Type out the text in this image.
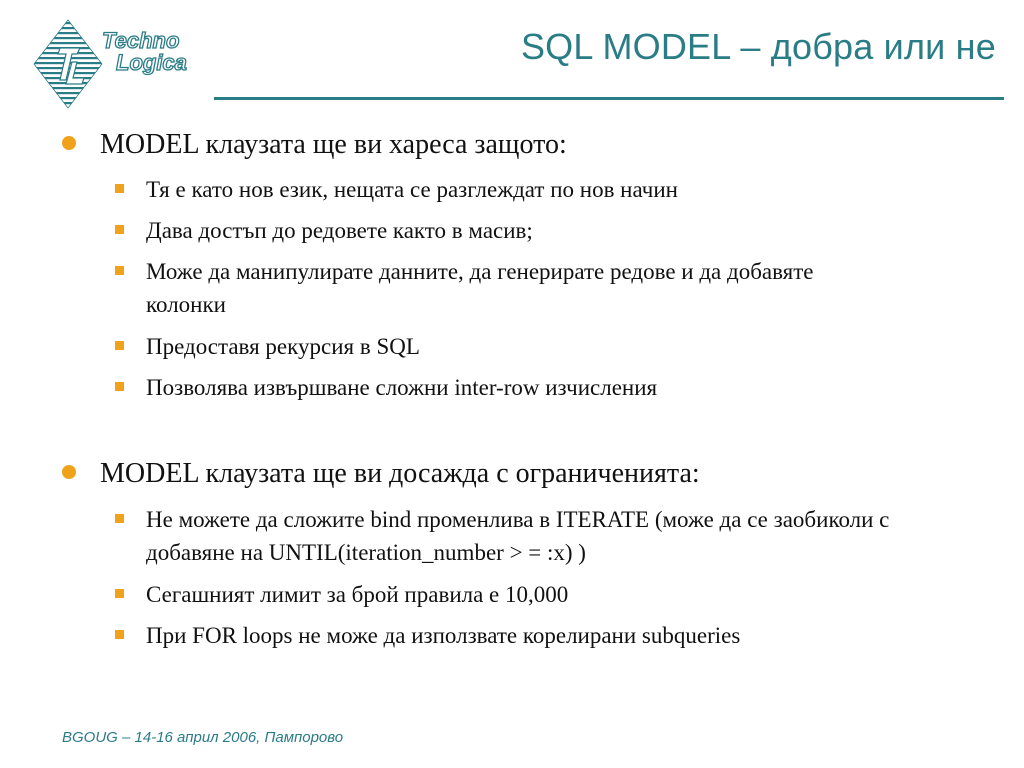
Techno
Logica	SQL MODEL – добра или не
MODEL клаузата ще ви хареса защото:
Тя е като нов език, нещата се разглеждат по нов начин
Дава достъп до редовете както в масив;
Може да манипулирате данните, да генерирате редове и да добавяте колонки
Предоставя рекурсия в SQL
Позволява извършване сложни inter-row изчисления
MODEL клаузата ще ви досажда с ограниченията:
Не можете да сложите bind променлива в ITERATE (може да се заобиколи с добавяне на UNTIL(iteration_number > = :x) )
Сегашният лимит за брой правила е 10,000
При FOR loops не може да използвате корелирани subqueries
BGOUG – 14-16 април 2006, Пампорово
